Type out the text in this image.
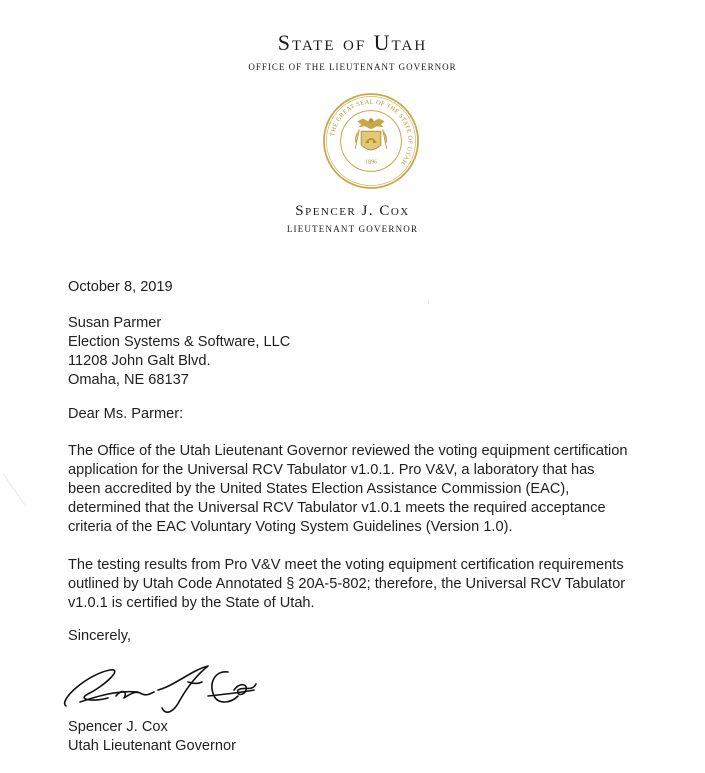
State of Utah
OFFICE OF THE LIEUTENANT GOVERNOR
THE GREAT SEAL OF THE STATE OF UTAH
1896
Spencer J. Cox
LIEUTENANT GOVERNOR
October 8, 2019
Susan Parmer
Election Systems & Software, LLC
11208 John Galt Blvd.
Omaha, NE 68137
Dear Ms. Parmer:
The Office of the Utah Lieutenant Governor reviewed the voting equipment certification
application for the Universal RCV Tabulator v1.0.1. Pro V&V, a laboratory that has
been accredited by the United States Election Assistance Commission (EAC),
determined that the Universal RCV Tabulator v1.0.1 meets the required acceptance
criteria of the EAC Voluntary Voting System Guidelines (Version 1.0).
The testing results from Pro V&V meet the voting equipment certification requirements
outlined by Utah Code Annotated § 20A-5-802; therefore, the Universal RCV Tabulator
v1.0.1 is certified by the State of Utah.
Sincerely,
Spencer J. Cox
Utah Lieutenant Governor
